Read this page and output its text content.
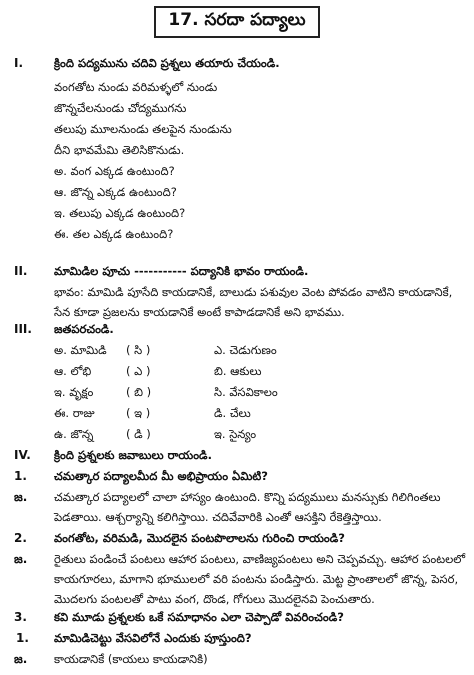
17. సరదా పద్యాలు
I.	క్రింది పద్యమును చదివి ప్రశ్నలు తయారు చేయండి.
వంగతోట నుండు వరిమళ్ళలో నుండు
జొన్నచేలనుండు చోద్యముగను
తలుపు మూలనుండు తలపైన నుండును
దీని భావమేమి తెలిసికొనుడు.
అ. వంగ ఎక్కడ ఉంటుంది?
ఆ. జొన్న ఎక్కడ ఉంటుంది?
ఇ. తలుపు ఎక్కడ ఉంటుంది?
ఈ. తల ఎక్కడ ఉంటుంది?
II. మామిడిల పూచు ----------- పద్యానికి భావం రాయండి.
భావం: మామిడి పూసేది కాయడానికే, బాలుడు పశువుల వెంట పోవడం వాటిని కాయడానికే,
సేన కూడా ప్రజలను కాయడానికే అంటే కాపాడడానికే అని భావము.
III. జతపరచండి.
అ. మామిడి ( సి )	ఎ. చెడుగుణం
ఆ. లోభి	( ఎ )	బి. ఆకులు
ఇ. వృక్షం	( బి )	సి. వేసవికాలం
ఈ. రాజు	( ఇ )	డి. చేలు
ఉ. జొన్న	( డి )	ఇ. సైన్యం
IV. క్రింది ప్రశ్నలకు జవాబులు రాయండి.
1. చమత్కార పద్యాలమీద మీ అభిప్రాయం ఏమిటి?
జ. చమత్కార పద్యాలలో చాలా హాస్యం ఉంటుంది. కొన్ని పద్యములు మనస్సుకు గిలిగింతలు
పెడతాయి. ఆశ్చర్యాన్ని కలిగిస్తాయి. చదివేవారికి ఎంతో ఆసక్తిని రేకెత్తిస్తాయి.
2. వంగతోట, వరిమడి, మొదలైన పంటపొలాలను గురించి రాయండి?
జ. రైతులు పండించే పంటలు ఆహార పంటలు, వాణిజ్యపంటలు అని చెప్పవచ్చు. ఆహార పంటలలో
కాయగూరలు, మాగాని భూములలో వరి పంటను పండిస్తారు. మెట్ట ప్రాంతాలలో జొన్న, పెసర,
మొదలగు పంటలతో పాటు వంగ, దొండ, గోగులు మొదలైనవి పెంచుతారు.
3. కవి మూడు ప్రశ్నలకు ఒకే సమాధానం ఎలా చెప్పాడో వివరించండి?
1. మామిడిచెట్టు వేసవిలోనే ఎందుకు పూస్తుంది?
జ. కాయడానికే (కాయలు కాయడానికి)
